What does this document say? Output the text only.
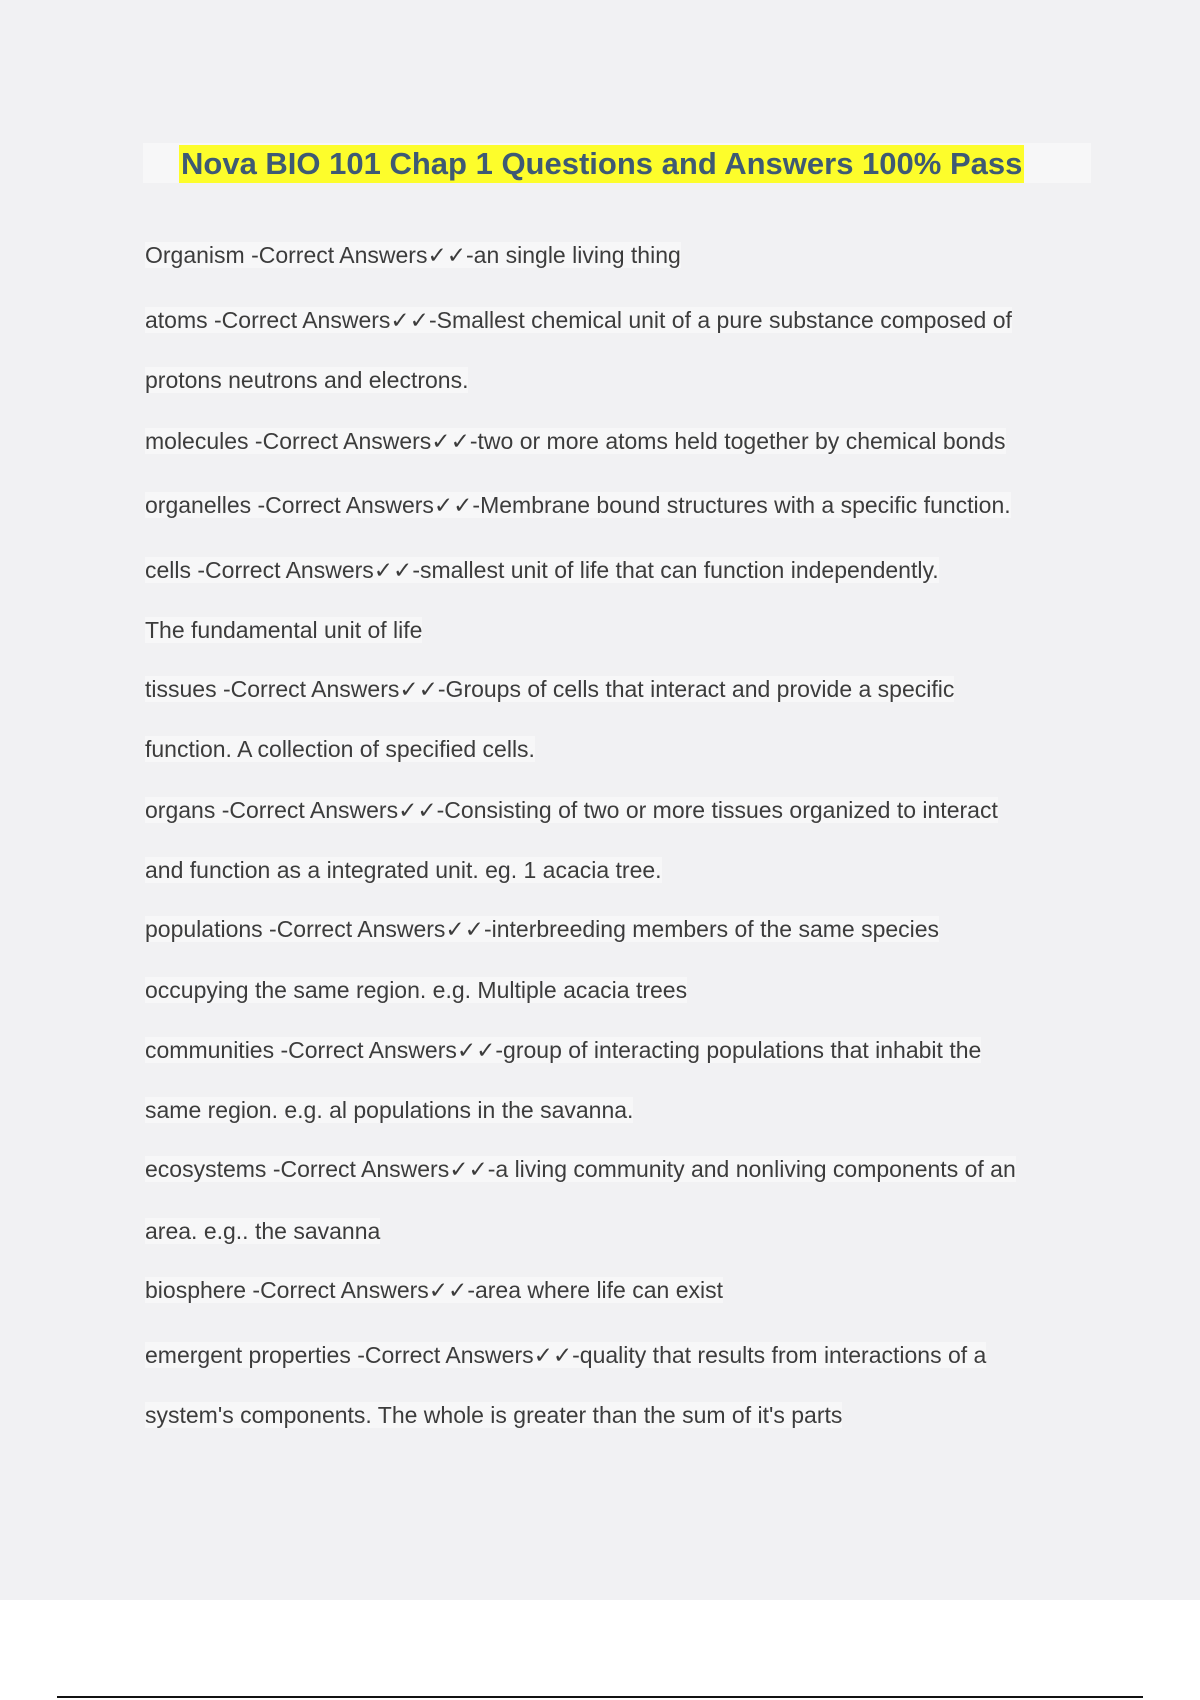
Nova BIO 101 Chap 1 Questions and Answers 100% Pass
Organism -Correct Answers✓✓-an single living thing
atoms -Correct Answers✓✓-Smallest chemical unit of a pure substance composed of
protons neutrons and electrons.
molecules -Correct Answers✓✓-two or more atoms held together by chemical bonds
organelles -Correct Answers✓✓-Membrane bound structures with a specific function.
cells -Correct Answers✓✓-smallest unit of life that can function independently.
The fundamental unit of life
tissues -Correct Answers✓✓-Groups of cells that interact and provide a specific
function. A collection of specified cells.
organs -Correct Answers✓✓-Consisting of two or more tissues organized to interact
and function as a integrated unit. eg. 1 acacia tree.
populations -Correct Answers✓✓-interbreeding members of the same species
occupying the same region. e.g. Multiple acacia trees
communities -Correct Answers✓✓-group of interacting populations that inhabit the
same region. e.g. al populations in the savanna.
ecosystems -Correct Answers✓✓-a living community and nonliving components of an
area. e.g.. the savanna
biosphere -Correct Answers✓✓-area where life can exist
emergent properties -Correct Answers✓✓-quality that results from interactions of a
system's components. The whole is greater than the sum of it's parts
